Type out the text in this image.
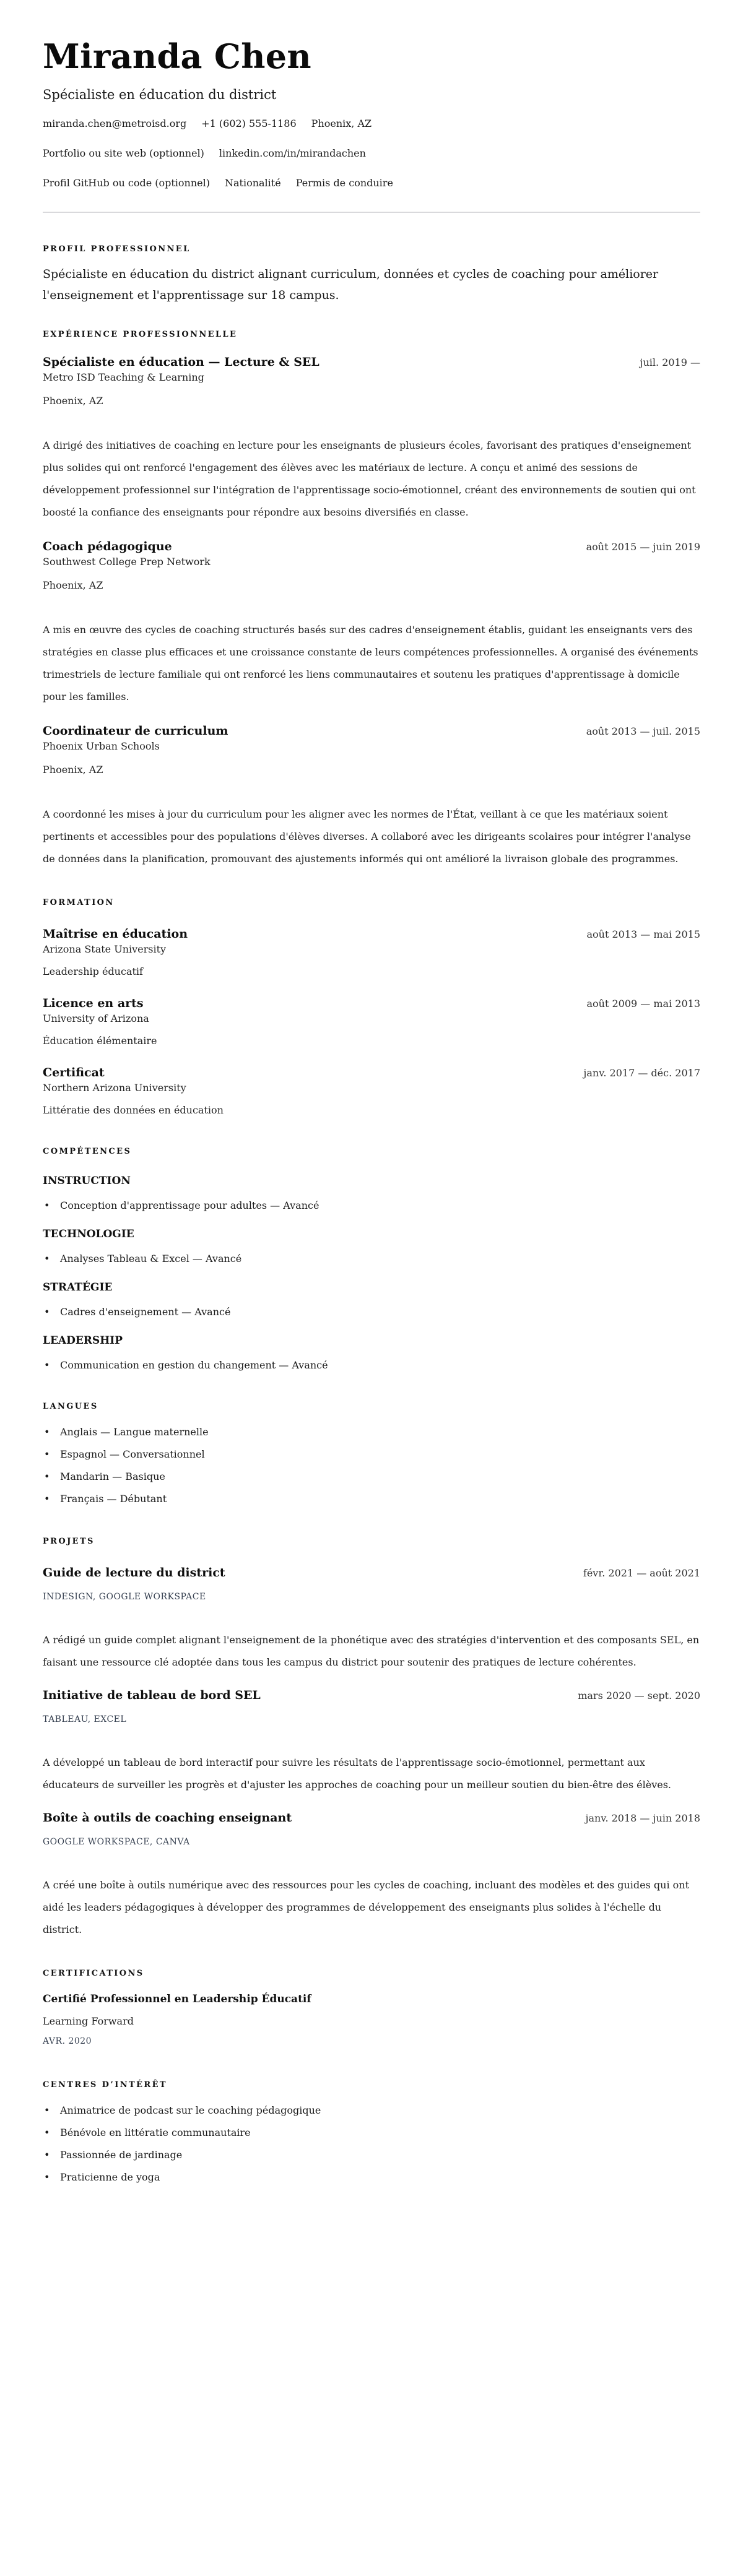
Miranda Chen
Spécialiste en éducation du district
miranda.chen@metroisd.org +1 (602) 555-1186 Phoenix, AZ
Portfolio ou site web (optionnel) linkedin.com/in/mirandachen
Profil GitHub ou code (optionnel) Nationalité Permis de conduire
PROFIL PROFESSIONNEL

Spécialiste en éducation du district alignant curriculum, données et cycles de coaching pour améliorer l'enseignement et l'apprentissage sur 18 campus.

EXPÉRIENCE PROFESSIONNELLE
Spécialiste en éducation — Lecture & SEL	juil. 2019 —
Metro ISD Teaching & Learning
Phoenix, AZ

A dirigé des initiatives de coaching en lecture pour les enseignants de plusieurs écoles, favorisant des pratiques d'enseignement plus solides qui ont renforcé l'engagement des élèves avec les matériaux de lecture. A conçu et animé des sessions de développement professionnel sur l'intégration de l'apprentissage socio-émotionnel, créant des environnements de soutien qui ont boosté la confiance des enseignants pour répondre aux besoins diversifiés en classe.

Coach pédagogique	août 2015 — juin 2019
Southwest College Prep Network
Phoenix, AZ

A mis en œuvre des cycles de coaching structurés basés sur des cadres d'enseignement établis, guidant les enseignants vers des stratégies en classe plus efficaces et une croissance constante de leurs compétences professionnelles. A organisé des événements trimestriels de lecture familiale qui ont renforcé les liens communautaires et soutenu les pratiques d'apprentissage à domicile pour les familles.

Coordinateur de curriculum	août 2013 — juil. 2015
Phoenix Urban Schools
Phoenix, AZ

A coordonné les mises à jour du curriculum pour les aligner avec les normes de l'État, veillant à ce que les matériaux soient pertinents et accessibles pour des populations d'élèves diverses. A collaboré avec les dirigeants scolaires pour intégrer l'analyse de données dans la planification, promouvant des ajustements informés qui ont amélioré la livraison globale des programmes.

FORMATION
Maîtrise en éducation	août 2013 — mai 2015
Arizona State University
Leadership éducatif
Licence en arts	août 2009 — mai 2013
University of Arizona
Éducation élémentaire
Certificat	janv. 2017 — déc. 2017
Northern Arizona University
Littératie des données en éducation
COMPÉTENCES
INSTRUCTION
• Conception d'apprentissage pour adultes — Avancé
TECHNOLOGIE
• Analyses Tableau & Excel — Avancé
STRATÉGIE
• Cadres d'enseignement — Avancé
LEADERSHIP
• Communication en gestion du changement — Avancé
LANGUES
• Anglais — Langue maternelle
• Espagnol — Conversationnel
• Mandarin — Basique
• Français — Débutant
PROJETS
Guide de lecture du district	févr. 2021 — août 2021
INDESIGN, GOOGLE WORKSPACE

A rédigé un guide complet alignant l'enseignement de la phonétique avec des stratégies d'intervention et des composants SEL, en faisant une ressource clé adoptée dans tous les campus du district pour soutenir des pratiques de lecture cohérentes.

Initiative de tableau de bord SEL	mars 2020 — sept. 2020
TABLEAU, EXCEL

A développé un tableau de bord interactif pour suivre les résultats de l'apprentissage socio-émotionnel, permettant aux éducateurs de surveiller les progrès et d'ajuster les approches de coaching pour un meilleur soutien du bien-être des élèves.

Boîte à outils de coaching enseignant	janv. 2018 — juin 2018
GOOGLE WORKSPACE, CANVA

A créé une boîte à outils numérique avec des ressources pour les cycles de coaching, incluant des modèles et des guides qui ont aidé les leaders pédagogiques à développer des programmes de développement des enseignants plus solides à l'échelle du district.

CERTIFICATIONS
Certifié Professionnel en Leadership Éducatif
Learning Forward
AVR. 2020
CENTRES D’INTÉRÊT
• Animatrice de podcast sur le coaching pédagogique
• Bénévole en littératie communautaire
• Passionnée de jardinage
• Praticienne de yoga
